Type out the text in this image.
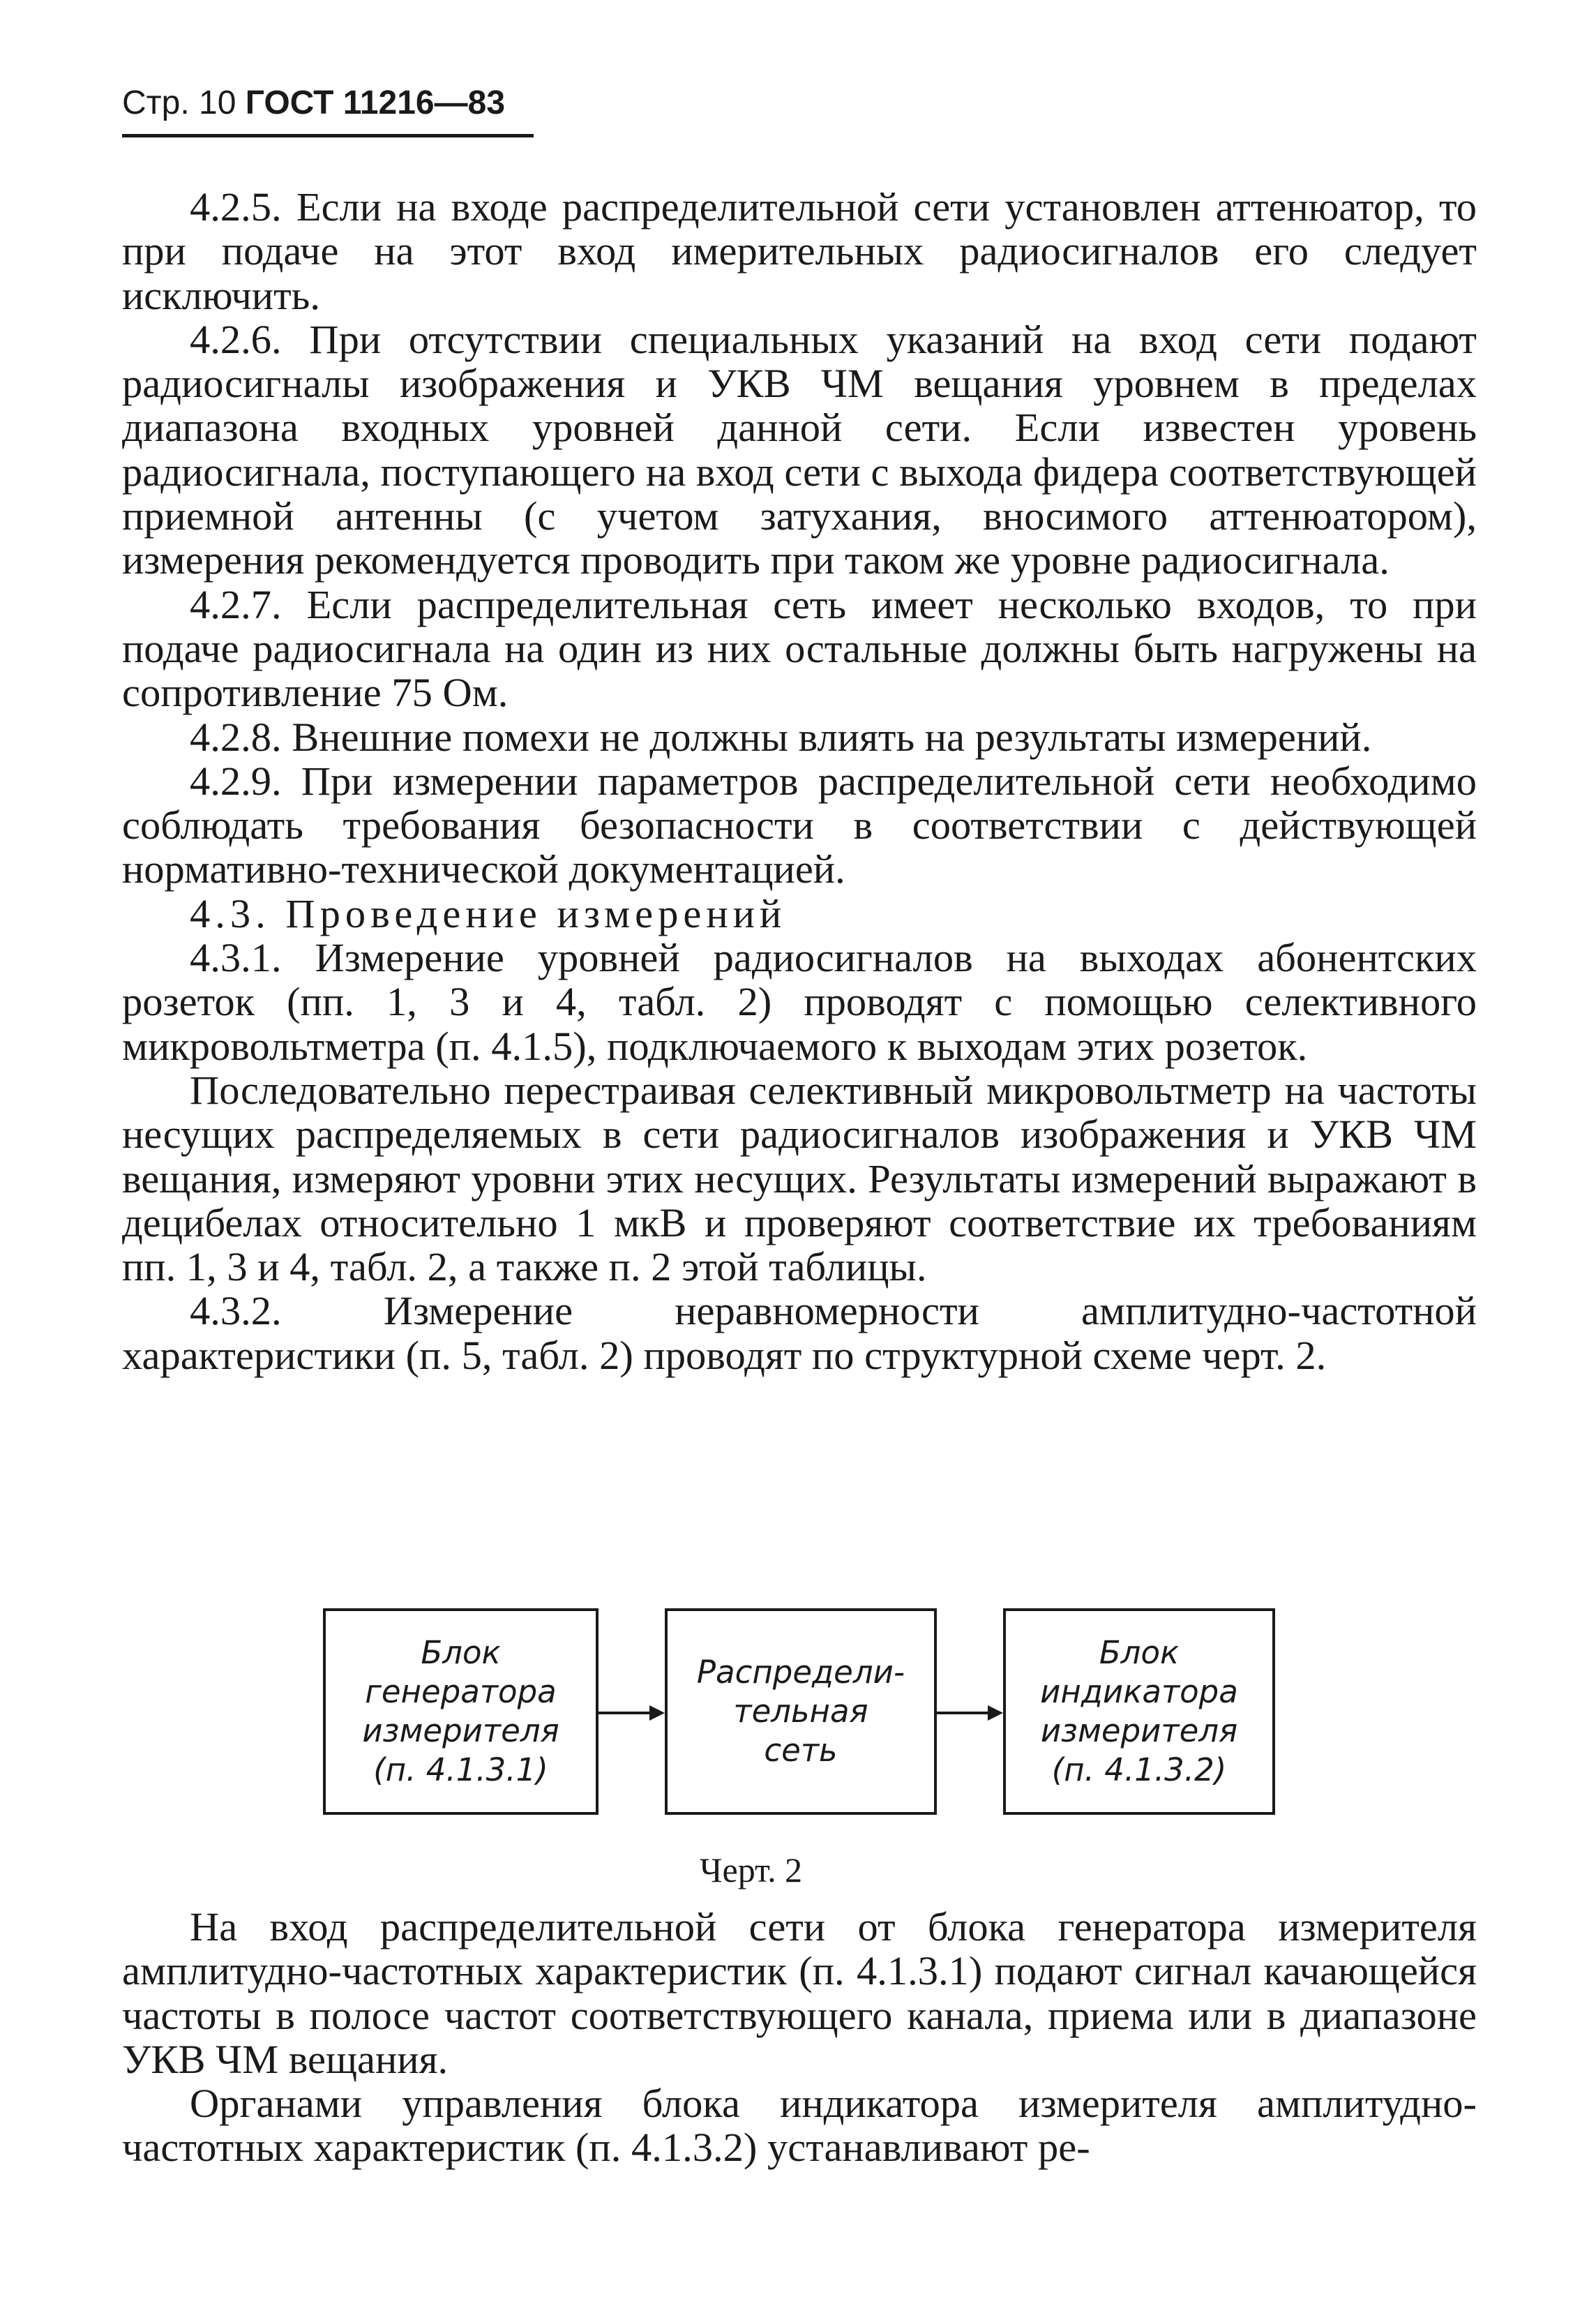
Стр. 10 ГОСТ 11216—83

4.2.5. Если на входе распределительной сети установлен аттенюатор, то при подаче на этот вход имерительных радиосигналов его следует исключить.

4.2.6. При отсутствии специальных указаний на вход сети подают радиосигналы изображения и УКВ ЧМ вещания уровнем в пределах диапазона входных уровней данной сети. Если известен уровень радиосигнала, поступающего на вход сети с выхода фидера соответствующей приемной антенны (с учетом затухания, вносимого аттенюатором), измерения рекомендуется проводить при таком же уровне радиосигнала.

4.2.7. Если распределительная сеть имеет несколько входов, то при подаче радиосигнала на один из них остальные должны быть нагружены на сопротивление 75 Ом.

4.2.8. Внешние помехи не должны влиять на результаты измерений.

4.2.9. При измерении параметров распределительной сети необходимо соблюдать требования безопасности в соответствии с действующей нормативно-технической документацией.

4.3. Проведение измерений

4.3.1. Измерение уровней радиосигналов на выходах абонентских розеток (пп. 1, 3 и 4, табл. 2) проводят с помощью селективного микровольтметра (п. 4.1.5), подключаемого к выходам этих розеток.

Последовательно перестраивая селективный микровольтметр на частоты несущих распределяемых в сети радиосигналов изображения и УКВ ЧМ вещания, измеряют уровни этих несущих. Результаты измерений выражают в децибелах относительно 1 мкВ и проверяют соответствие их требованиям пп. 1, 3 и 4, табл. 2, а также п. 2 этой таблицы.

4.3.2. Измерение неравномерности амплитудно-частотной характеристики (п. 5, табл. 2) проводят по структурной схеме черт. 2.

Блок
генератора
измерителя
(п. 4.1.3.1)
Распредели-
тельная
сеть
Блок
индикатора
измерителя
(п. 4.1.3.2)
Черт. 2

На вход распределительной сети от блока генератора измерителя амплитудно-частотных характеристик (п. 4.1.3.1) подают сигнал качающейся частоты в полосе частот соответствующего канала, приема или в диапазоне УКВ ЧМ вещания.

Органами управления блока индикатора измерителя амплитудно-частотных характеристик (п. 4.1.3.2) устанавливают ре-
